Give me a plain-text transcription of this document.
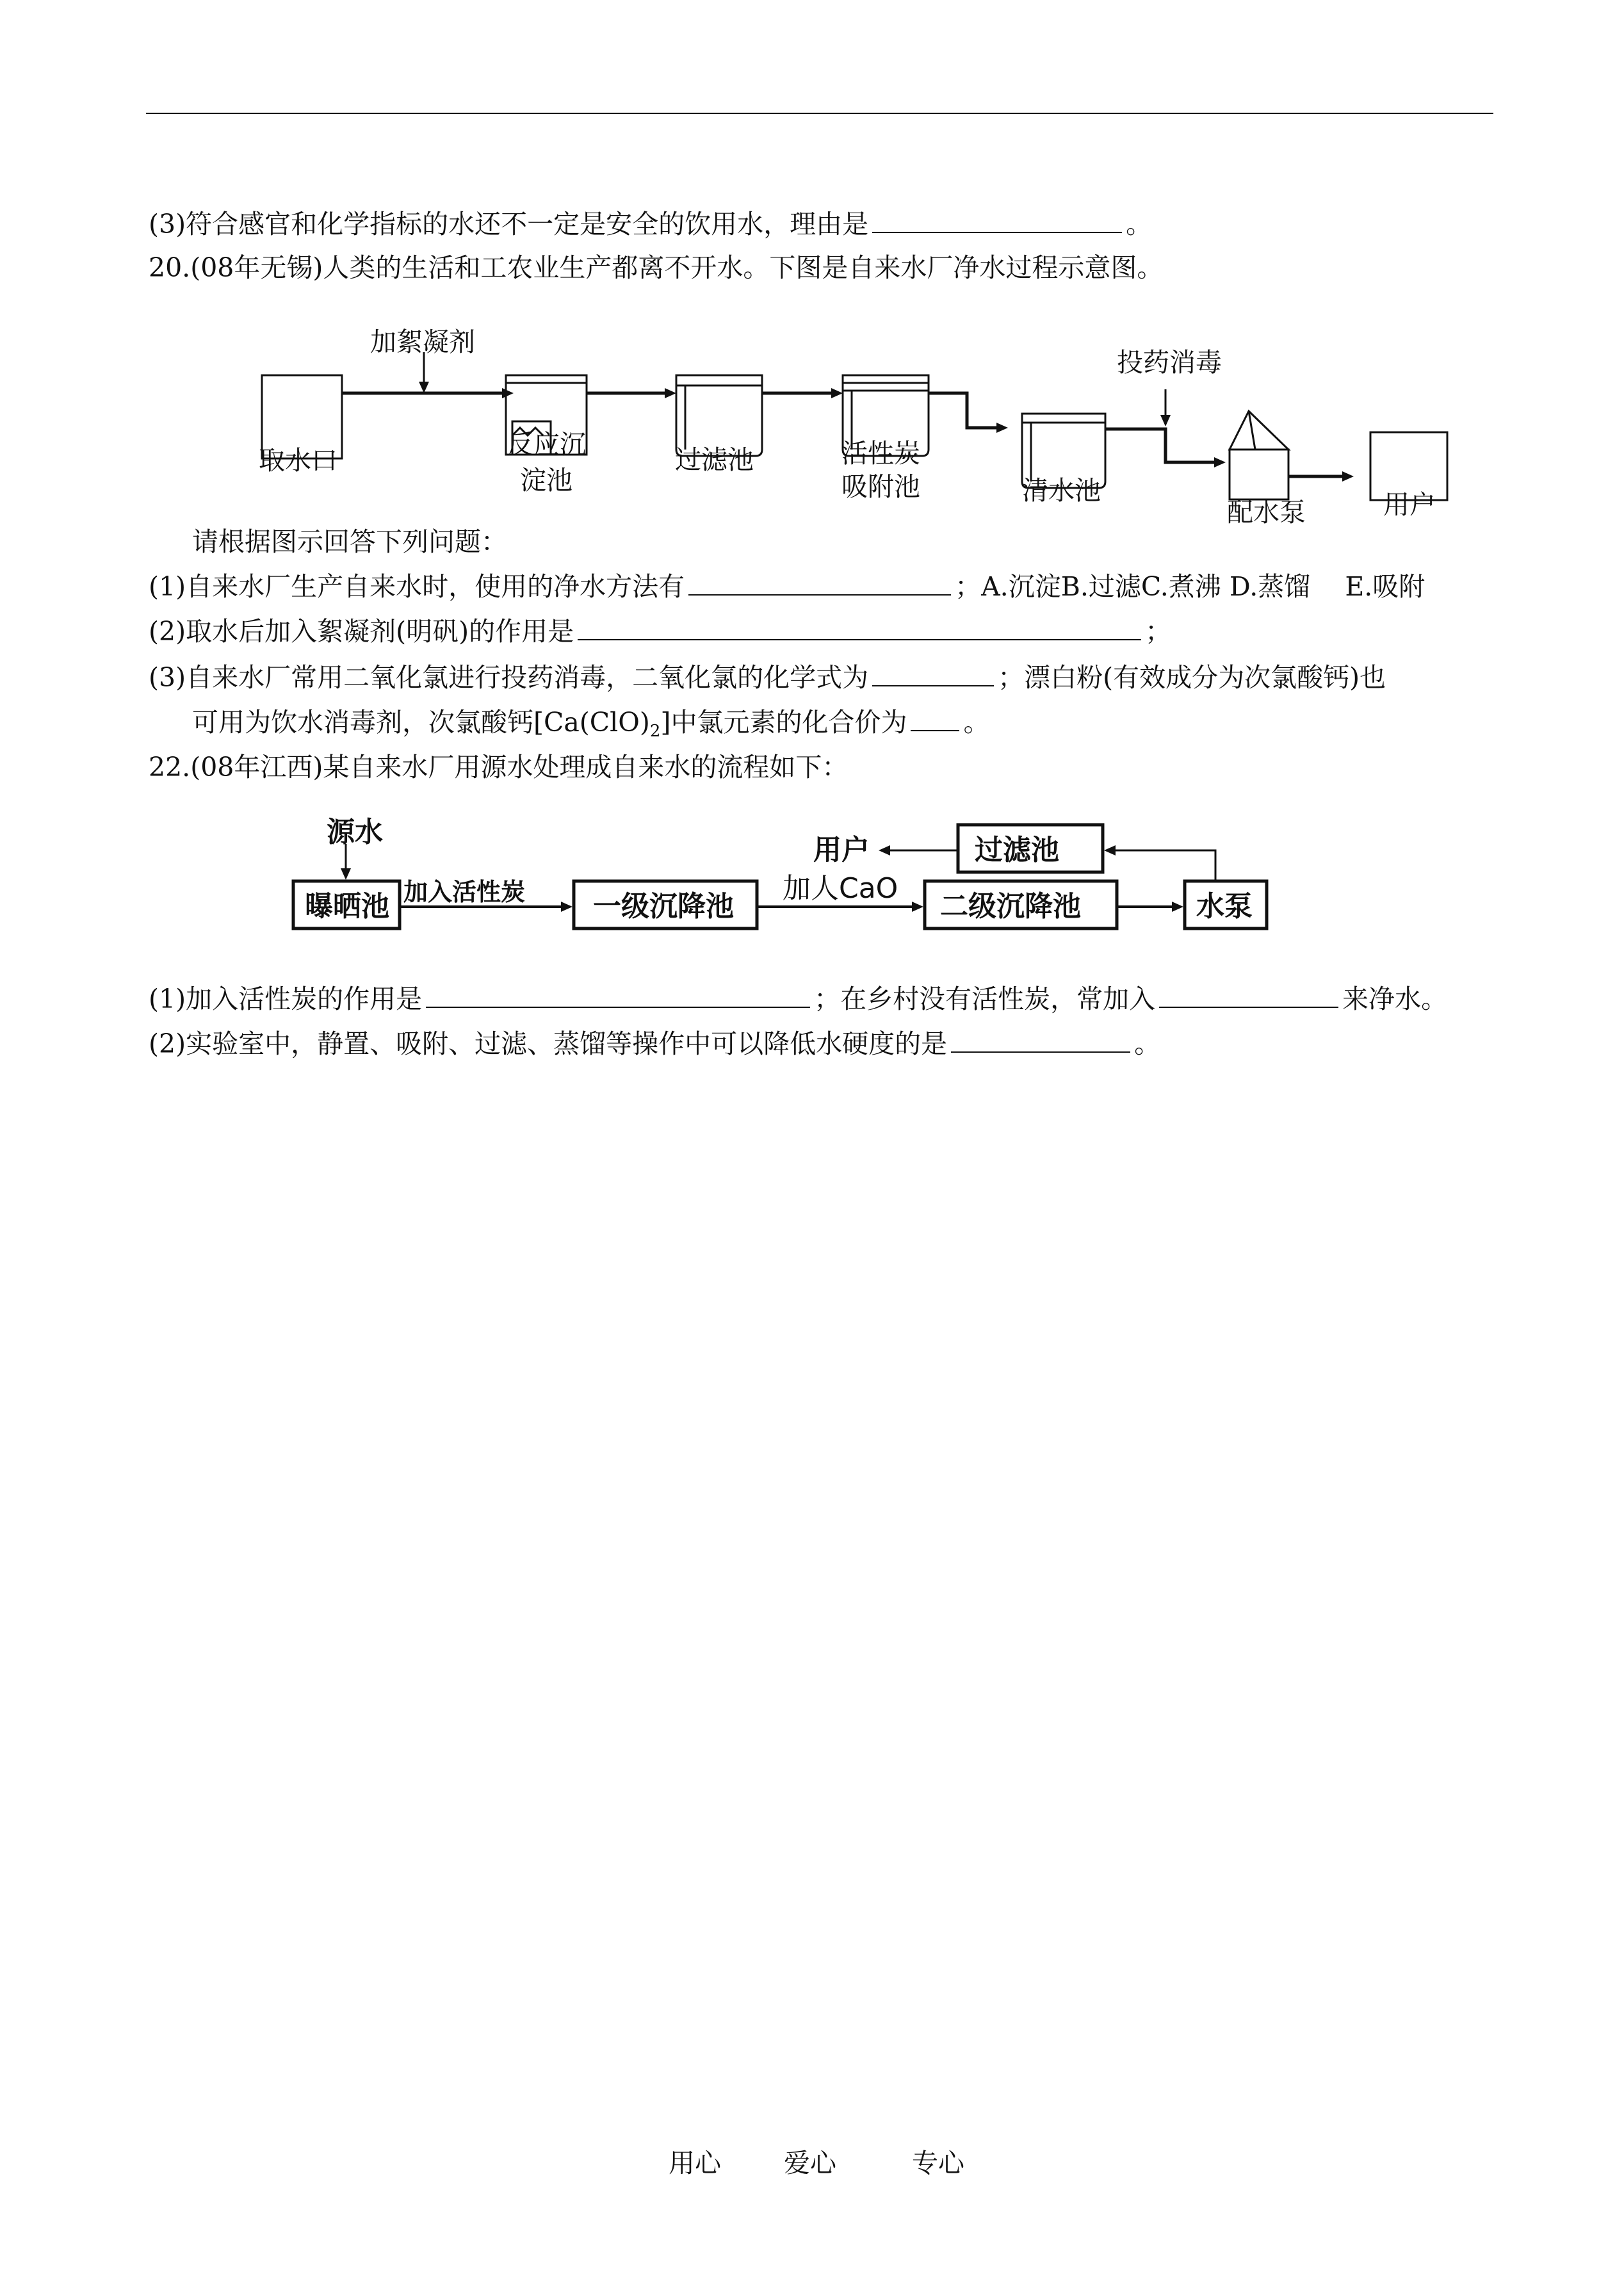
(3)符合感官和化学指标的水还不一定是安全的饮用水，理由是	。
20.(08年无锡)人类的生活和工农业生产都离不开水。下图是自来水厂净水过程示意图。
加絮凝剂
投药消毒
取水口
反应沉
淀池
过滤池	活性炭
吸附池	清水池
配水泵	用户
请根据图示回答下列问题：
(1)自来水厂生产自来水时，使用的净水方法有	；A.沉淀B.过滤C.煮沸 D.蒸馏　 E.吸附
(2)取水后加入絮凝剂(明矾)的作用是	；
(3)自来水厂常用二氧化氯进行投药消毒，二氧化氯的化学式为	；漂白粉(有效成分为次氯酸钙)也
可用为饮水消毒剂，次氯酸钙$[Ca(ClO)_2]$中氯元素的化合价为 。
22.(08年江西)某自来水厂用源水处理成自来水的流程如下：
源水
曝晒池 加入活性炭 一级沉降池
加人CaO
二级沉降池	水泵
过滤池
用户
(1)加入活性炭的作用是	；在乡村没有活性炭，常加入	来净水。
(2)实验室中，静置、吸附、过滤、蒸馏等操作中可以降低水硬度的是	。
用心 爱心	专心
